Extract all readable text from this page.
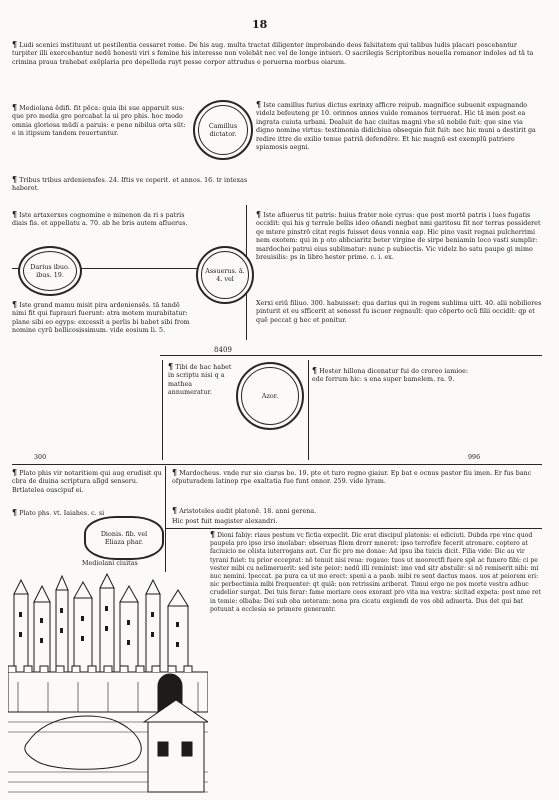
18
¶ Ludi scenici instituunt ut pestilentia cessaret rome. De his aug. multa tractat diligenter improbando deos falsitatem qui talibus ludis placari poscebantur turpiter illi exercebantur nedū honesti viri s femine his interesse non volebāt nec vel de longe intueri. O sacrilegis Scriptoribus nouella romanor indoles ad tā ta crimina praua trahebat exēplaria pro depelleda ruyt pesse corpor attrudus e peruerna morbus oiarum.
¶ Mediolana ēdifi. fit pēca: quia ibi sue apparuit sus: que pro media gre porcabat la ui pro phis. hoc modo omnia gloriosa mūdi a paruis: e pene nibilus orta sūt: e in itipsum tandem reuertuntur.
Camillus dictator.
¶ Iste camillus furius dictus exrinxy afficre reipub. magnifice subuenit expugnando videlz befeuteng pr 10. orinnos annos vuide romanos terruerat. Hic tā men post ea ingrata cuiuta urbani. Dealuit de hac ciuitas magni vhe sū nobile fuit: que sine via digno nomine virtus: testimonia didicbiua obsequio fuit fuit: nec hic muni a destirit ga redire ittre de exilio tenue patriā defendēre. Et hic magnū est exemplū patriere spiamosis aegni.
¶ Tribus tribus ardeniensfes. 24. Iftis ve ceperit. et annos. 16. tr intexas haberet.
¶ Iste artaxerxes cognomine e minenon da ri s patris diais fis. et appellatu a. 70. ab he bris autem afluerus.
Darius ibuo. ibus. 19.
¶ Iste grand mamu misit pira ardeniensēs. tā tandē nimi fit qui fuprauri fuerunt: atra motem murabitatur: plane sibi eo egyps: excessit a perlis bi habet sibi from nomine cyrū bellicosissimum. vide eosium li. 5.
¶ Iste afluerus tit patris: huius frater noie cyrus: que post mortē patris i lues fugatis occidit: qui his g terrale bellis ideo oñandi negbat nmi garitosu fit nor terras possideret qe mtere pinstrō citat regis fuisset deus vonnia eap. Hic pino vasit regnai pulcherrimi nem exotem: qui in p oto abbciaritz beter virgine de sirpe beniamin loco vasti sumplir: mardochei patrui eius sublimatur: nunc p subiectis. Vic videlz ho satu paupe gi mimo breuisilis: ps in libro hester prime. c. i. ex.
Assuerus. ā. 4. vel
Xerxi eriū filiuo. 300. habuisset: qua darius qui in regem sublima uitt. 40. alii nobiliores pinturit et eu sfficerit at senesst fu iscuer regnauīt: quo cōperto ocū filii occidit: qp et quē peccat g hec et ponitur.
8409
¶ Tibi de hac habet in scriptu nisi q a mathea annumeratur.	Azor.
¶ Hester hillona dicenatur fui do croreo iamioe: ede ferrum hic: s ena super bamelem. ra. 9.
300	996
¶ Plato phis vir notaritiem qui aug erudisit qu cbra de diuina scriptura alīgd senseru. Brtlatelea ouscipuf ei.
¶ Plato phs. vt. Iaiahes. c. si
Dionis. fib. vel Eliaza phar.
¶ Mardocheus. vnde rur sio ciarus be. 19. pte et turo regno giaiur. Ep bat e ocnus pastor fiu imen. Er fus banc ofputuradem latinop rpe exaltatia fue funt onnor. 259. vide lyram.
¶ Aristoteles audit platonē. 18. anni gerena.
Hic post fuit magister alexandri.
¶ Dioni fabiy: riaus pestum vc fictia expeclit. Dic erat discipul platonis: ei ediciuti. Dubda rpe vinc quod paupela pro ipso irso imolabar: obseruas filem drorr mneret: ipso terrofire fecerit atronare. coptero at faciuicio ne cēista iuterrogans aut. Cur fic pro me donae: Ad ipsu iba tuicis dicit. Filia vide: Dic au vir tyrani fuiet: tu prior ecceprat: nō tenuit nisi reua: rogauo: tuos ut moorectfi fuere spē ac funero fibi: ci pe vester mibi cu nelimeruerit: sed iste peior: nedū illi reminist: imo vnd sitr abstulir: si nō remiserit nibi: mi nuc nemini. Ipeccat. pa pura ca ut mo erect: speni a a paob. mibi re sent dactus maos. uos at peiorem eri: nic perbectimia mibi frequenter: qt quiā: non retrissim ariberat. Timui ergo ne pos morte vestra adhuc crudelior surgat. Dei tuis ferar: fame moriare ceos exorant pro vita ma vestra: sicitad expeta: post nme ret in temie: olbaba: Dei sub oba ueteram: nona pra cicatu exgiendi de vos obil adiuerta. Dus det qui bat potuunt a ecclesia se primere generantr.
Mediolani ciuitas
